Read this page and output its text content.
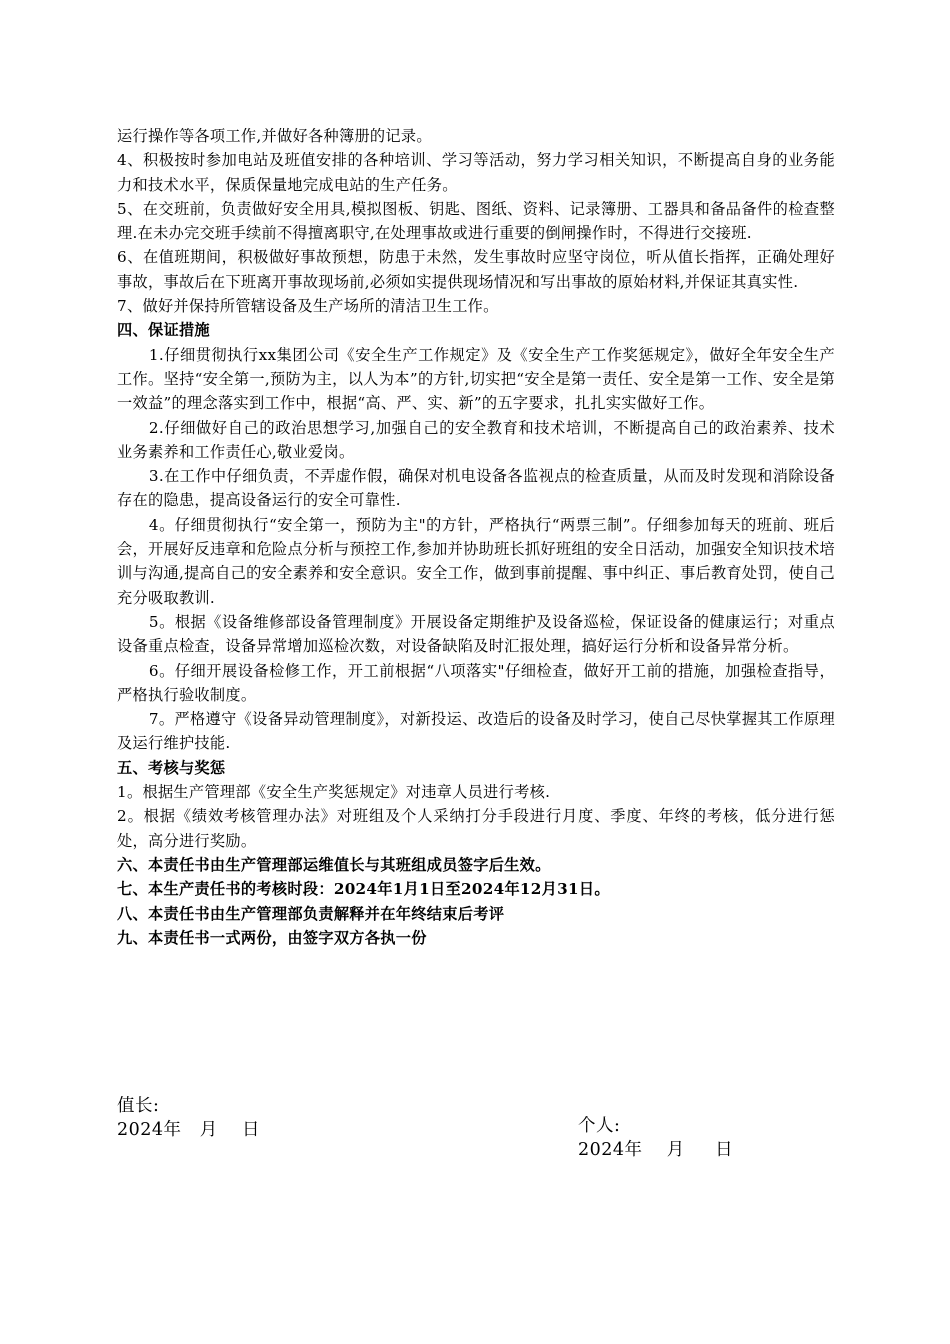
运行操作等各项工作,并做好各种簿册的记录。

4、积极按时参加电站及班值安排的各种培训、学习等活动，努力学习相关知识，不断提高自身的业务能力和技术水平，保质保量地完成电站的生产任务。

5、在交班前，负责做好安全用具,模拟图板、钥匙、图纸、资料、记录簿册、工器具和备品备件的检查整理.在未办完交班手续前不得擅离职守,在处理事故或进行重要的倒闸操作时，不得进行交接班.

6、在值班期间，积极做好事故预想，防患于未然，发生事故时应坚守岗位，听从值长指挥，正确处理好事故，事故后在下班离开事故现场前,必须如实提供现场情况和写出事故的原始材料,并保证其真实性.

7、做好并保持所管辖设备及生产场所的清洁卫生工作。

四、保证措施

1.仔细贯彻执行xx集团公司《安全生产工作规定》及《安全生产工作奖惩规定》，做好全年安全生产工作。坚持“安全第一,预防为主，以人为本”的方针,切实把“安全是第一责任、安全是第一工作、安全是第一效益”的理念落实到工作中，根据“高、严、实、新”的五字要求，扎扎实实做好工作。

2.仔细做好自己的政治思想学习,加强自己的安全教育和技术培训，不断提高自己的政治素养、技术业务素养和工作责任心,敬业爱岗。

3.在工作中仔细负责，不弄虚作假，确保对机电设备各监视点的检查质量，从而及时发现和消除设备存在的隐患，提高设备运行的安全可靠性.

4。仔细贯彻执行“安全第一，预防为主"的方针，严格执行“两票三制”。仔细参加每天的班前、班后会，开展好反违章和危险点分析与预控工作,参加并协助班长抓好班组的安全日活动，加强安全知识技术培训与沟通,提高自己的安全素养和安全意识。安全工作，做到事前提醒、事中纠正、事后教育处罚，使自己充分吸取教训.

5。根据《设备维修部设备管理制度》开展设备定期维护及设备巡检，保证设备的健康运行；对重点设备重点检查，设备异常增加巡检次数，对设备缺陷及时汇报处理，搞好运行分析和设备异常分析。

6。仔细开展设备检修工作，开工前根据“八项落实"仔细检查，做好开工前的措施，加强检查指导，严格执行验收制度。

7。严格遵守《设备异动管理制度》，对新投运、改造后的设备及时学习，使自己尽快掌握其工作原理及运行维护技能.

五、考核与奖惩

1。根据生产管理部《安全生产奖惩规定》对违章人员进行考核.

2。根据《绩效考核管理办法》对班组及个人采纳打分手段进行月度、季度、年终的考核，低分进行惩处，高分进行奖励。

六、本责任书由生产管理部运维值长与其班组成员签字后生效。

七、本生产责任书的考核时段：2024年1月1日至2024年12月31日。

八、本责任书由生产管理部负责解释并在年终结束后考评

九、本责任书一式两份，由签字双方各执一份

值长:

个人:

2024年   月    日

2024年    月     日
